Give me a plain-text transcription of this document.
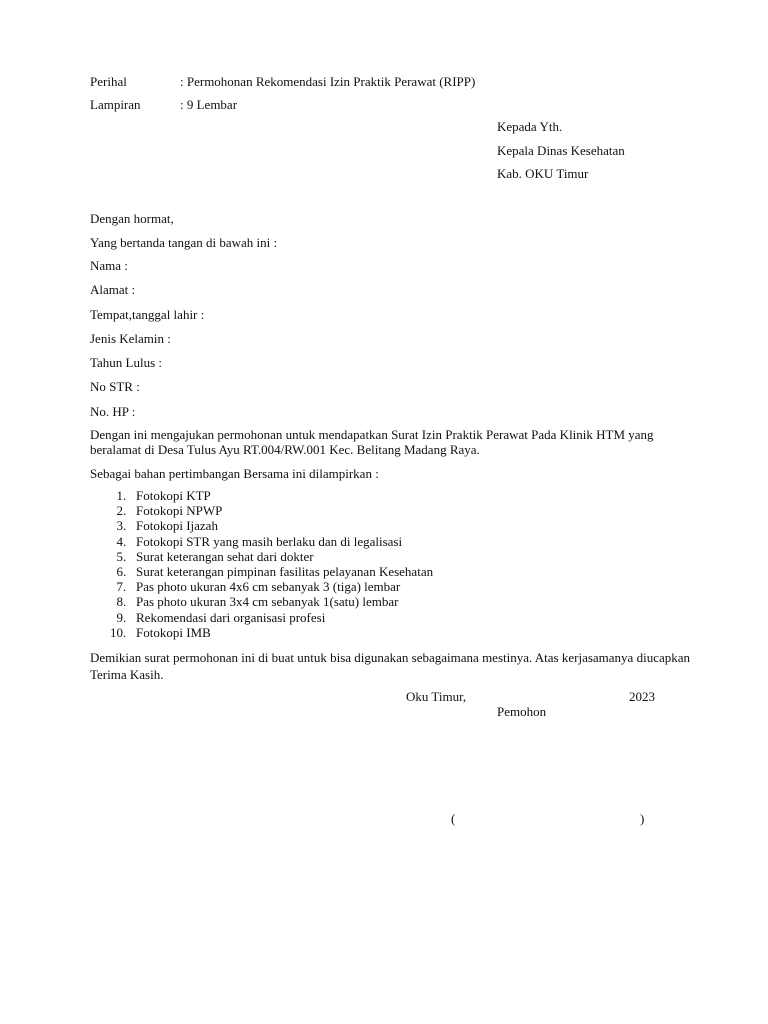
Perihal	: Permohonan Rekomendasi Izin Praktik Perawat (RIPP)
Lampiran	: 9 Lembar
Kepada Yth.
Kepala Dinas Kesehatan
Kab. OKU Timur
Dengan hormat,
Yang bertanda tangan di bawah ini :
Nama :
Alamat :
Tempat,tanggal lahir :
Jenis Kelamin :
Tahun Lulus :
No STR :
No. HP :

Dengan ini mengajukan permohonan untuk mendapatkan Surat Izin Praktik Perawat Pada Klinik HTM yang beralamat di Desa Tulus Ayu RT.004/RW.001 Kec. Belitang Madang Raya.

Sebagai bahan pertimbangan Bersama ini dilampirkan :
1. Fotokopi KTP
2. Fotokopi NPWP
3. Fotokopi Ijazah
4. Fotokopi STR yang masih berlaku dan di legalisasi
5. Surat keterangan sehat dari dokter
6. Surat keterangan pimpinan fasilitas pelayanan Kesehatan
7. Pas photo ukuran 4x6 cm sebanyak 3 (tiga) lembar
8. Pas photo ukuran 3x4 cm sebanyak 1(satu) lembar
9. Rekomendasi dari organisasi profesi
10. Fotokopi IMB

Demikian surat permohonan ini di buat untuk bisa digunakan sebagaimana mestinya. Atas kerjasamanya diucapkan Terima Kasih.

Oku Timur,	2023
Pemohon
(	)
